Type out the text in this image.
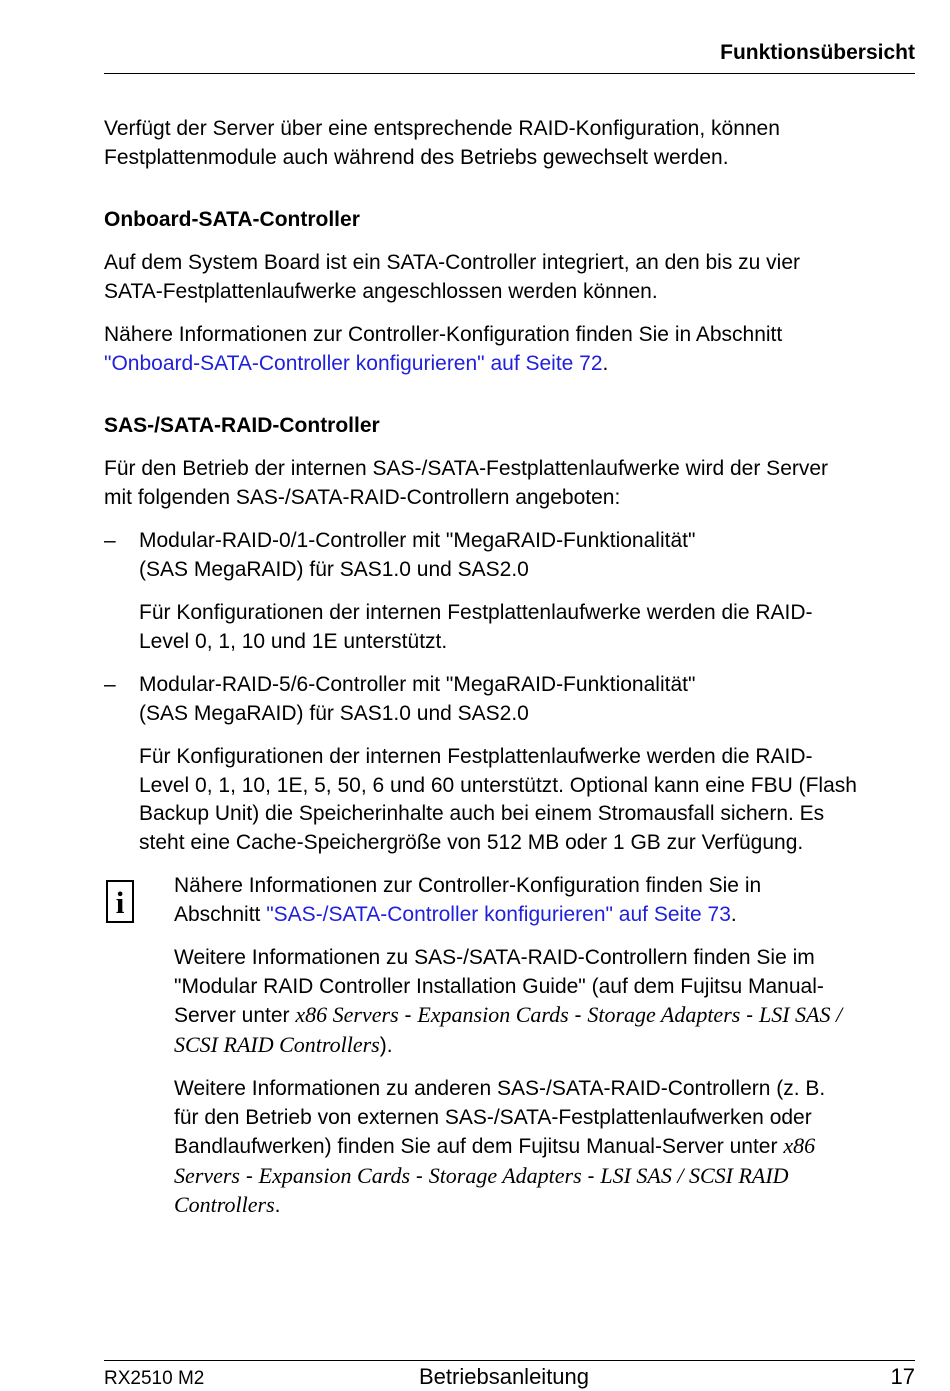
Funktionsübersicht

Verfügt der Server über eine entsprechende RAID-Konfiguration, können

Festplattenmodule auch während des Betriebs gewechselt werden.

Onboard-SATA-Controller

Auf dem System Board ist ein SATA-Controller integriert, an den bis zu vier

SATA-Festplattenlaufwerke angeschlossen werden können.

Nähere Informationen zur Controller-Konfiguration finden Sie in Abschnitt

"Onboard-SATA-Controller konfigurieren" auf Seite 72.

SAS-/SATA-RAID-Controller

Für den Betrieb der internen SAS-/SATA-Festplattenlaufwerke wird der Server

mit folgenden SAS-/SATA-RAID-Controllern angeboten:

– Modular-RAID-0/1-Controller mit "MegaRAID-Funktionalität"

(SAS MegaRAID) für SAS1.0 und SAS2.0

Für Konfigurationen der internen Festplattenlaufwerke werden die RAID-

Level 0, 1, 10 und 1E unterstützt.

– Modular-RAID-5/6-Controller mit "MegaRAID-Funktionalität"

(SAS MegaRAID) für SAS1.0 und SAS2.0

Für Konfigurationen der internen Festplattenlaufwerke werden die RAID-

Level 0, 1, 10, 1E, 5, 50, 6 und 60 unterstützt. Optional kann eine FBU (Flash

Backup Unit) die Speicherinhalte auch bei einem Stromausfall sichern. Es

steht eine Cache-Speichergröße von 512 MB oder 1 GB zur Verfügung.

i Nähere Informationen zur Controller-Konfiguration finden Sie in

Abschnitt "SAS-/SATA-Controller konfigurieren" auf Seite 73.

Weitere Informationen zu SAS-/SATA-RAID-Controllern finden Sie im

"Modular RAID Controller Installation Guide" (auf dem Fujitsu Manual-

Server unter x86 Servers - Expansion Cards - Storage Adapters - LSI SAS /

SCSI RAID Controllers).

Weitere Informationen zu anderen SAS-/SATA-RAID-Controllern (z. B.

für den Betrieb von externen SAS-/SATA-Festplattenlaufwerken oder

Bandlaufwerken) finden Sie auf dem Fujitsu Manual-Server unter x86

Servers - Expansion Cards - Storage Adapters - LSI SAS / SCSI RAID

Controllers.

RX2510 M2	Betriebsanleitung	17
